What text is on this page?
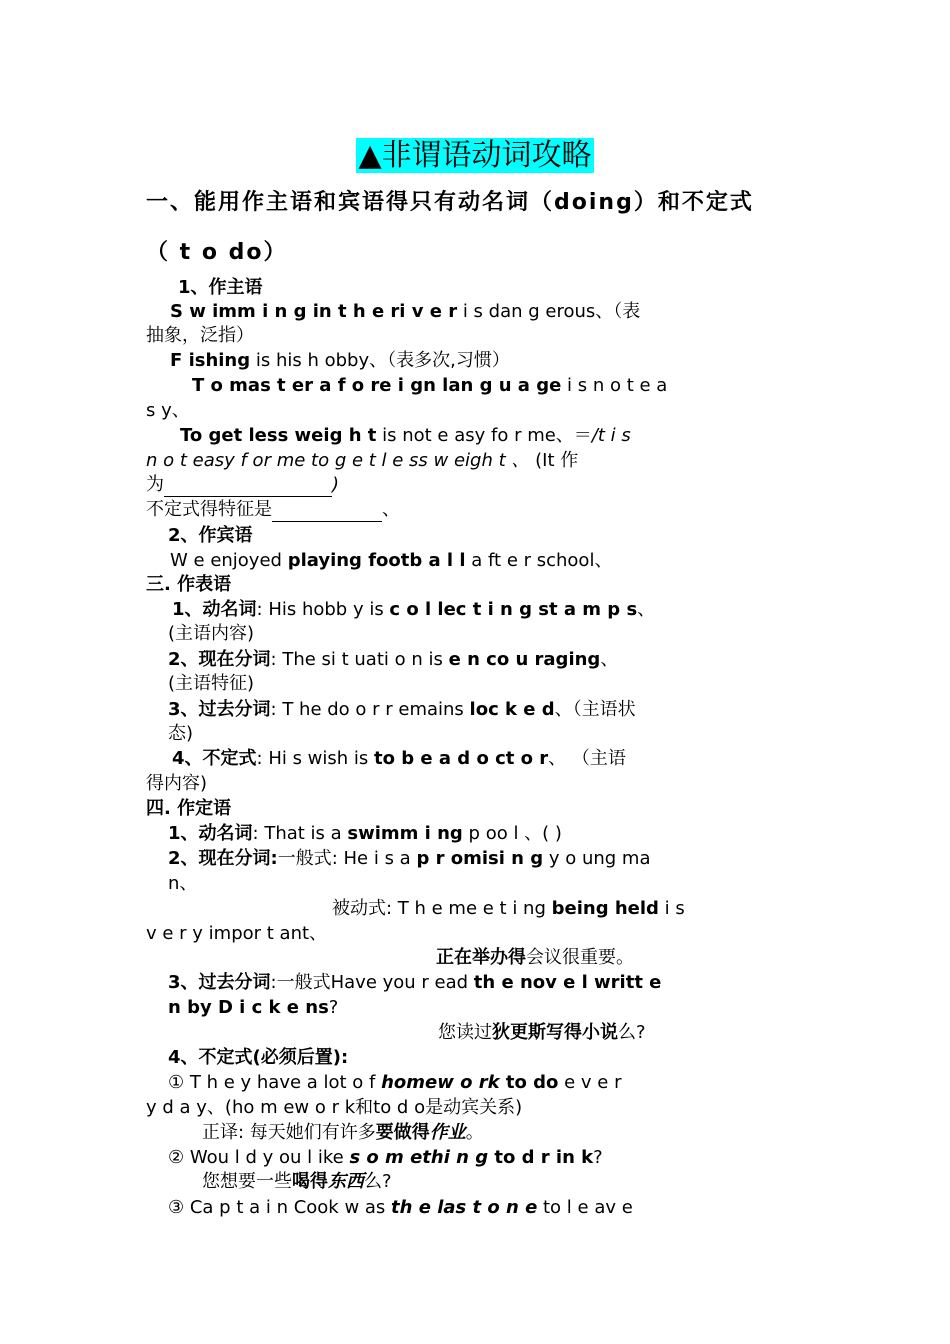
▲非谓语动词攻略
一、能用作主语和宾语得只有动名词（doing）和不定式
（ t o do）
1、作主语
S w imm i n g in t h e ri v e r i s dan g erous、（表
抽象，泛指）
F ishing is his h obby、（表多次,习惯）
T o mas t er a f o re i gn lan g u a ge i s n o t e a
s y、
To get less weig h t is not e asy fo r me、＝/t i s
n o t easy f or me to g e t l e ss w eigh t 、 (It 作
为	)
不定式得特征是	、
2、作宾语
W e enjoyed playing footb a l l a ft e r school、
三. 作表语
1、动名词: His hobb y is c o l lec t i n g st a m p s、
(主语内容)
2、现在分词: The si t uati o n is e n co u raging、
(主语特征)
3、过去分词: T he do o r r emains loc k e d、（主语状
态)
4、不定式: Hi s wish is to b e a d o ct o r、 （主语
得内容)
四. 作定语
1、动名词: That is a swimm i ng p oo l 、( )
2、现在分词:一般式: He i s a p r omisi n g y o ung ma
n、
被动式: T h e me e t i ng being held i s
v e r y impor t ant、
正在举办得会议很重要。
3、过去分词:一般式Have you r ead th e nov e l writt e
n by D i c k e ns?
您读过狄更斯写得小说么?
4、不定式(必须后置):
① T h e y have a lot o f homew o rk to do e v e r
y d a y、(ho m ew o r k和to d o是动宾关系)
正译: 每天她们有许多要做得作业。
② Wou l d y ou l ike s o m ethi n g to d r in k?
您想要一些喝得东西么?
③ Ca p t a i n Cook w as th e las t o n e to l e av e
